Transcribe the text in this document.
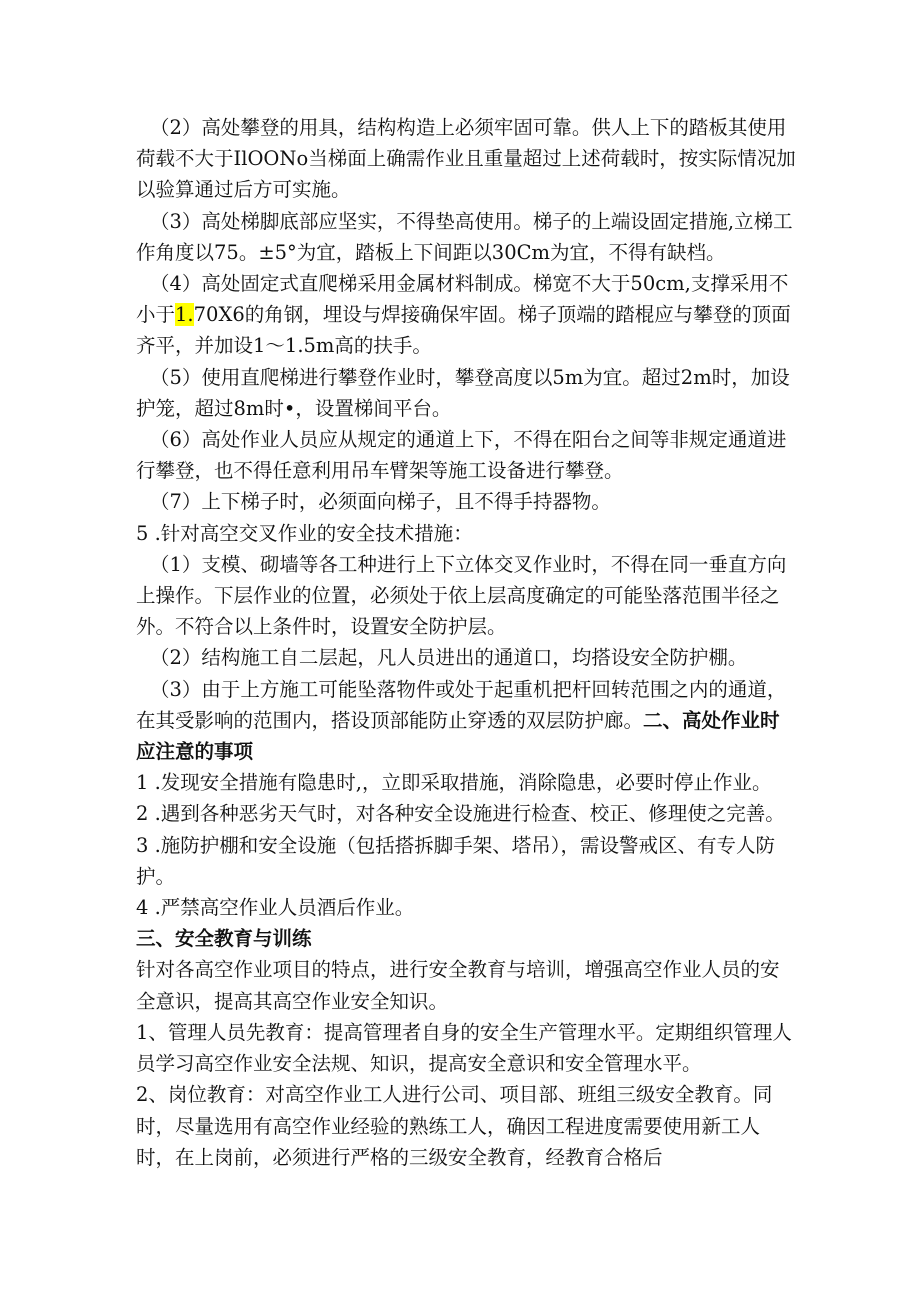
（2）高处攀登的用具，结构构造上必须牢固可靠。供人上下的踏板其使用荷载不大于IlOONo当梯面上确需作业且重量超过上述荷载时，按实际情况加以验算通过后方可实施。

（3）高处梯脚底部应坚实，不得垫高使用。梯子的上端设固定措施,立梯工作角度以75。±5°为宜，踏板上下间距以30Cm为宜，不得有缺档。

（4）高处固定式直爬梯采用金属材料制成。梯宽不大于50cm,支撑采用不小于1.70X6的角钢，埋设与焊接确保牢固。梯子顶端的踏棍应与攀登的顶面齐平，并加设1～1.5m高的扶手。

（5）使用直爬梯进行攀登作业时，攀登高度以5m为宜。超过2m时，加设护笼，超过8m时•，设置梯间平台。

（6）高处作业人员应从规定的通道上下，不得在阳台之间等非规定通道进行攀登，也不得任意利用吊车臂架等施工设备进行攀登。

（7）上下梯子时，必须面向梯子，且不得手持器物。

5 .针对高空交叉作业的安全技术措施：

（1）支模、砌墙等各工种进行上下立体交叉作业时，不得在同一垂直方向上操作。下层作业的位置，必须处于依上层高度确定的可能坠落范围半径之外。不符合以上条件时，设置安全防护层。

（2）结构施工自二层起，凡人员进出的通道口，均搭设安全防护棚。

（3）由于上方施工可能坠落物件或处于起重机把杆回转范围之内的通道，在其受影响的范围内，搭设顶部能防止穿透的双层防护廊。二、高处作业时应注意的事项

1 .发现安全措施有隐患时,，立即采取措施，消除隐患，必要时停止作业。

2 .遇到各种恶劣天气时，对各种安全设施进行检查、校正、修理使之完善。

3 .施防护棚和安全设施（包括搭拆脚手架、塔吊），需设警戒区、有专人防护。

4 .严禁高空作业人员酒后作业。

三、安全教育与训练

针对各高空作业项目的特点，进行安全教育与培训，增强高空作业人员的安全意识，提高其高空作业安全知识。

1、管理人员先教育：提高管理者自身的安全生产管理水平。定期组织管理人员学习高空作业安全法规、知识，提高安全意识和安全管理水平。

2、岗位教育：对高空作业工人进行公司、项目部、班组三级安全教育。同时，尽量选用有高空作业经验的熟练工人，确因工程进度需要使用新工人时，在上岗前，必须进行严格的三级安全教育，经教育合格后
